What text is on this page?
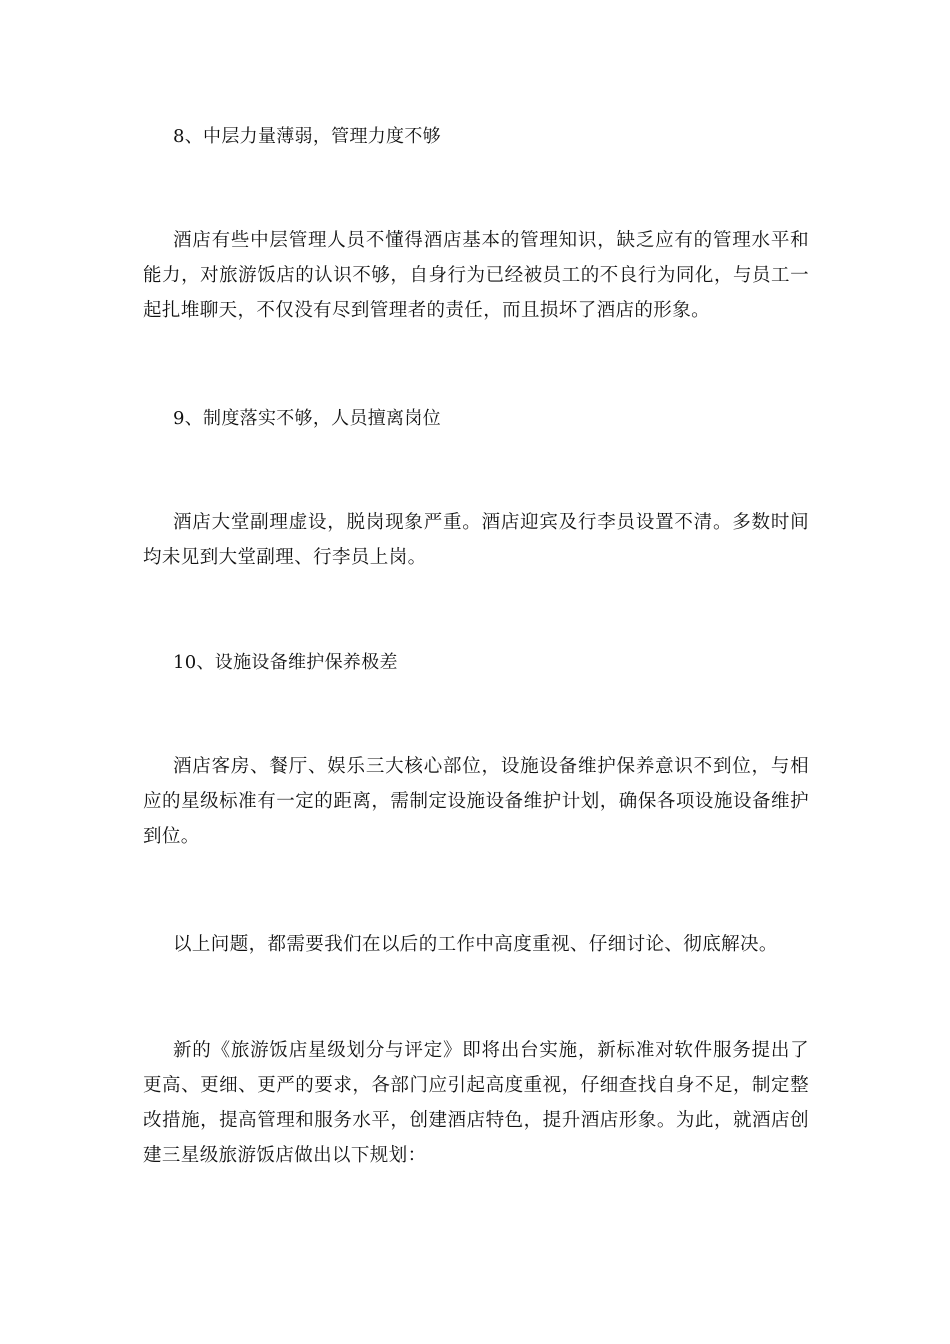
8、中层力量薄弱，管理力度不够

酒店有些中层管理人员不懂得酒店基本的管理知识，缺乏应有的管理水平和能力，对旅游饭店的认识不够，自身行为已经被员工的不良行为同化，与员工一起扎堆聊天，不仅没有尽到管理者的责任，而且损坏了酒店的形象。

9、制度落实不够，人员擅离岗位

酒店大堂副理虚设，脱岗现象严重。酒店迎宾及行李员设置不清。多数时间均未见到大堂副理、行李员上岗。

10、设施设备维护保养极差

酒店客房、餐厅、娱乐三大核心部位，设施设备维护保养意识不到位，与相应的星级标准有一定的距离，需制定设施设备维护计划，确保各项设施设备维护到位。

以上问题，都需要我们在以后的工作中高度重视、仔细讨论、彻底解决。

新的《旅游饭店星级划分与评定》即将出台实施，新标准对软件服务提出了更高、更细、更严的要求，各部门应引起高度重视，仔细查找自身不足，制定整改措施，提高管理和服务水平，创建酒店特色，提升酒店形象。为此，就酒店创建三星级旅游饭店做出以下规划：
